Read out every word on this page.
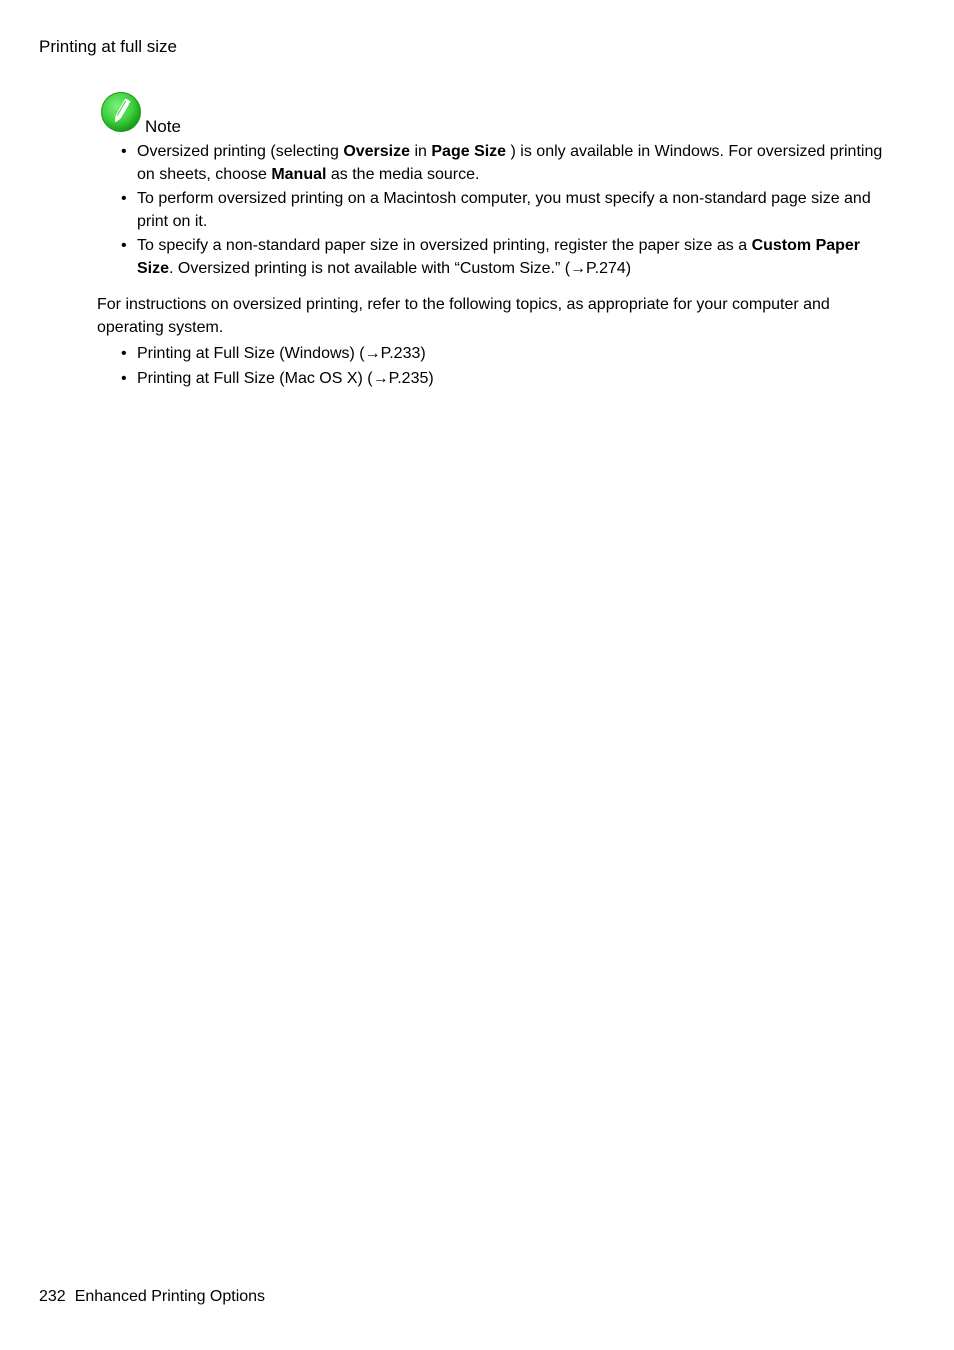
Printing at full size
Note
• Oversized printing (selecting Oversize in Page Size ) is only available in Windows. For oversized printing on sheets, choose Manual as the media source.
• To perform oversized printing on a Macintosh computer, you must specify a non-standard page size and print on it.
• To specify a non-standard paper size in oversized printing, register the paper size as a Custom Paper Size. Oversized printing is not available with “Custom Size.” (→P.274)
For instructions on oversized printing, refer to the following topics, as appropriate for your computer and operating system.
• Printing at Full Size (Windows) (→P.233)
• Printing at Full Size (Mac OS X) (→P.235)
232 Enhanced Printing Options
